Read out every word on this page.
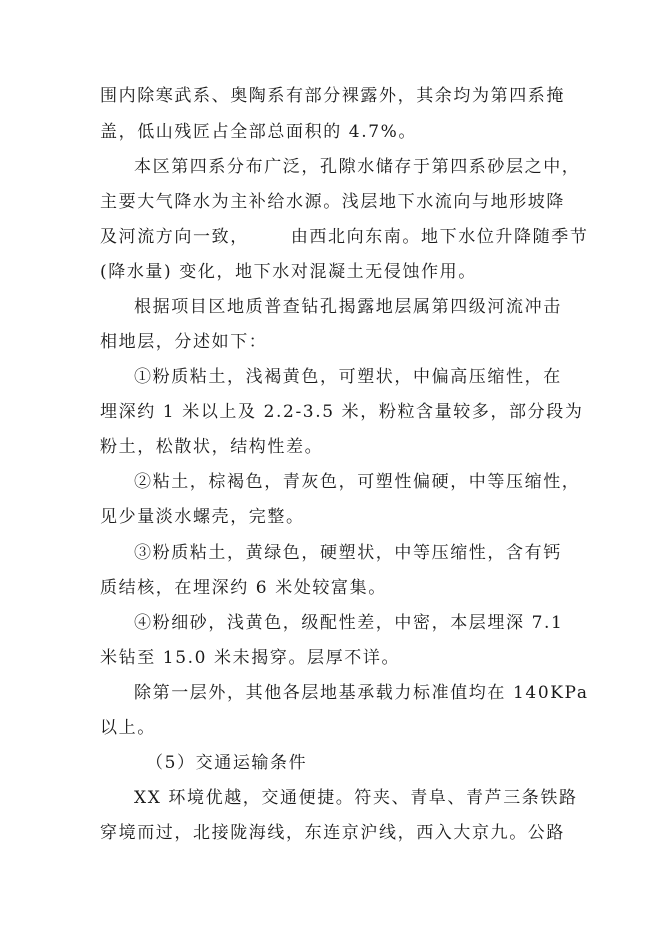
围内除寒武系、奥陶系有部分裸露外，其余均为第四系掩
盖，低山残匠占全部总面积的 4.7%。
本区第四系分布广泛，孔隙水储存于第四系砂层之中，
主要大气降水为主补给水源。浅层地下水流向与地形坡降
及河流方向一致，      由西北向东南。地下水位升降随季节
(降水量) 变化，地下水对混凝土无侵蚀作用。
根据项目区地质普查钻孔揭露地层属第四级河流冲击
相地层，分述如下：
①粉质粘土，浅褐黄色，可塑状，中偏高压缩性，在
埋深约 1 米以上及 2.2-3.5 米，粉粒含量较多，部分段为
粉土，松散状，结构性差。
②粘土，棕褐色，青灰色，可塑性偏硬，中等压缩性，
见少量淡水螺壳，完整。
③粉质粘土，黄绿色，硬塑状，中等压缩性，含有钙
质结核，在埋深约 6 米处较富集。
④粉细砂，浅黄色，级配性差，中密，本层埋深 7.1
米钻至 15.0 米未揭穿。层厚不详。
除第一层外，其他各层地基承载力标准值均在 140KPa
以上。
（5）交通运输条件
XX 环境优越，交通便捷。符夹、青阜、青芦三条铁路
穿境而过，北接陇海线，东连京沪线，西入大京九。公路
